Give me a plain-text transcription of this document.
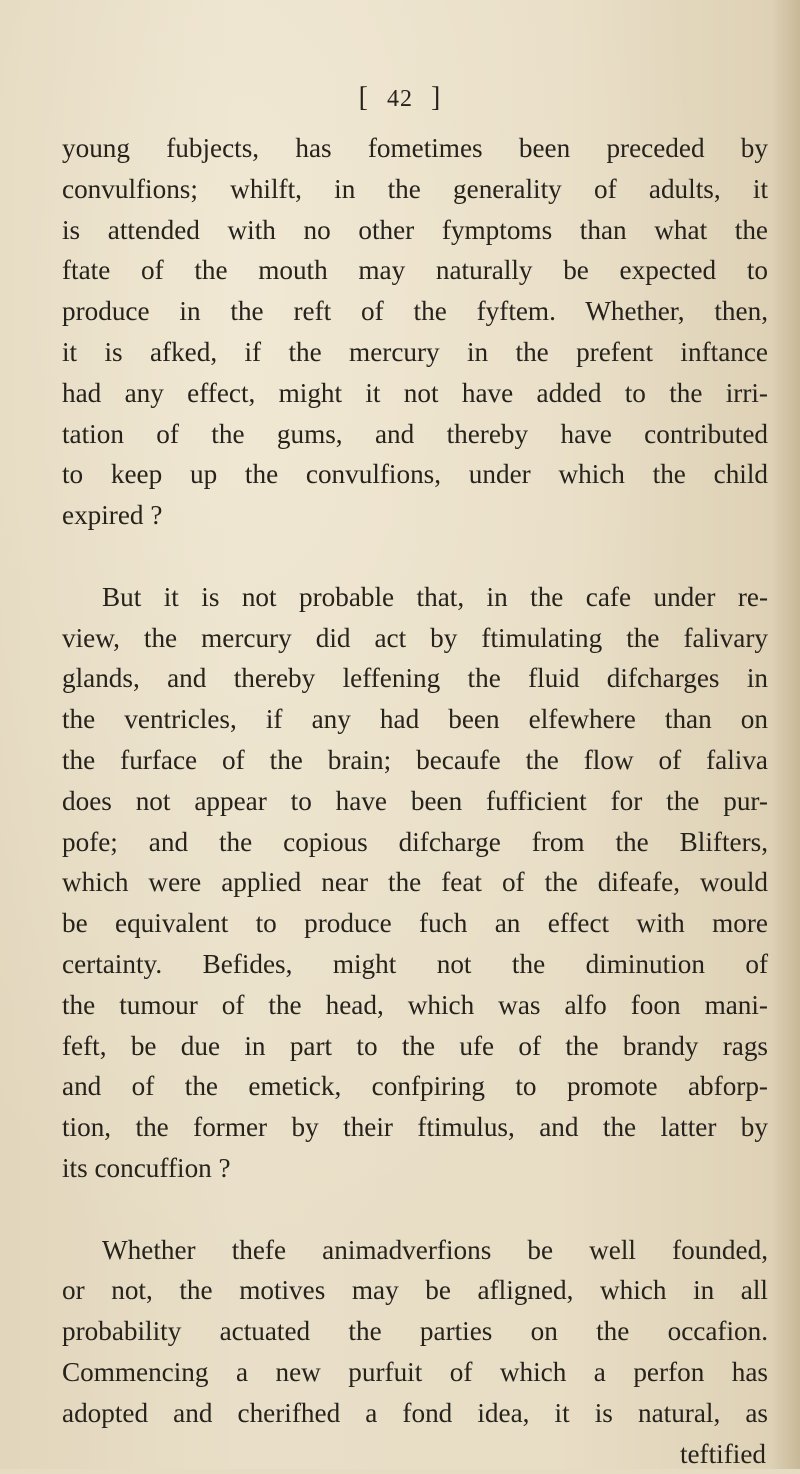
[ 42 ]
young fubjects, has fometimes been preceded by
convulfions; whilft, in the generality of adults, it
is attended with no other fymptoms than what the
ftate of the mouth may naturally be expected to
produce in the reft of the fyftem. Whether, then,
it is afked, if the mercury in the prefent inftance
had any effect, might it not have added to the irri-
tation of the gums, and thereby have contributed
to keep up the convulfions, under which the child
expired ?
But it is not probable that, in the cafe under re-
view, the mercury did act by ftimulating the falivary
glands, and thereby leffening the fluid difcharges in
the ventricles, if any had been elfewhere than on
the furface of the brain; becaufe the flow of faliva
does not appear to have been fufficient for the pur-
pofe; and the copious difcharge from the Blifters,
which were applied near the feat of the difeafe, would
be equivalent to produce fuch an effect with more
certainty. Befides, might not the diminution of
the tumour of the head, which was alfo foon mani-
feft, be due in part to the ufe of the brandy rags
and of the emetick, confpiring to promote abforp-
tion, the former by their ftimulus, and the latter by
its concuffion ?
Whether thefe animadverfions be well founded,
or not, the motives may be afligned, which in all
probability actuated the parties on the occafion.
Commencing a new purfuit of which a perfon has
adopted and cherifhed a fond idea, it is natural, as
teftified
